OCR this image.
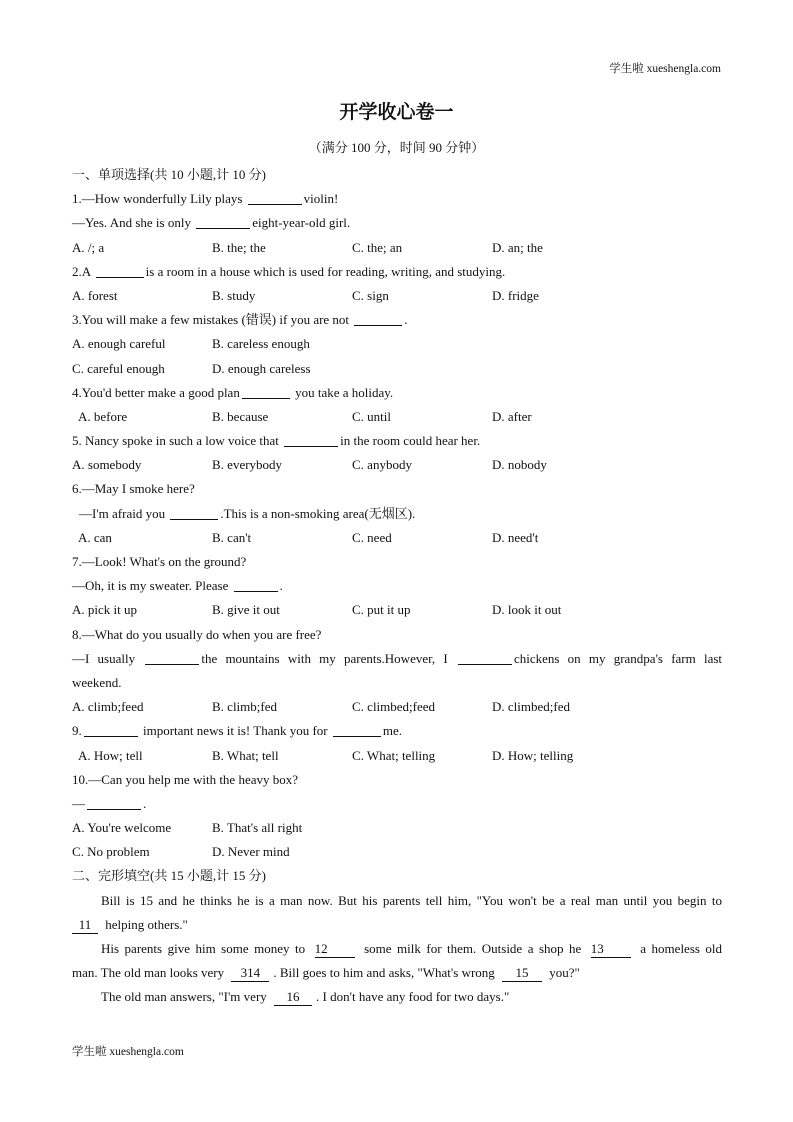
学生啦 xueshengla.com
开学收心卷一
（满分 100 分，时间 90 分钟）
一、单项选择(共 10 小题,计 10 分)
1.—How wonderfully Lily plays	violin!
—Yes. And she is only	eight-year-old girl.
A. /; a	B. the; the	C. the; an	D. an; the
2.A	is a room in a house which is used for reading, writing, and studying.
A. forest	B. study	C. sign	D. fridge
3.You will make a few mistakes (错误) if you are not	.
A. enough careful	B. careless enough
C. careful enough	D. enough careless
4.You'd better make a good plan	you take a holiday.
A. before	B. because	C. until	D. after
5. Nancy spoke in such a low voice that	in the room could hear her.
A. somebody	B. everybody	C. anybody	D. nobody
6.—May I smoke here?
—I'm afraid you	.This is a non-smoking area(无烟区).
A. can	B. can't	C. need	D. need't
7.—Look! What's on the ground?
—Oh, it is my sweater. Please	.
A. pick it up	B. give it out	C. put it up	D. look it out
8.—What do you usually do when you are free?
—I usually	the mountains with my parents.However, I	chickens on my grandpa's farm last
weekend.
A. climb;feed	B. climb;fed	C. climbed;feed	D. climbed;fed
9.	important news it is! Thank you for	me.
A. How; tell	B. What; tell	C. What; telling	D. How; telling
10.—Can you help me with the heavy box?
—	.
A. You're welcome	B. That's all right
C. No problem	D. Never mind
二、完形填空(共 15 小题,计 15 分)
Bill is 15 and he thinks he is a man now. But his parents tell him, "You won't be a real man until you begin to
11 helping others."
His parents give him some money to 12	some milk for them. Outside a shop he 13	a homeless old
man. The old man looks very 314 . Bill goes to him and asks, "What's wrong 15 you?"
The old man answers, "I'm very 16 . I don't have any food for two days."
学生啦 xueshengla.com
